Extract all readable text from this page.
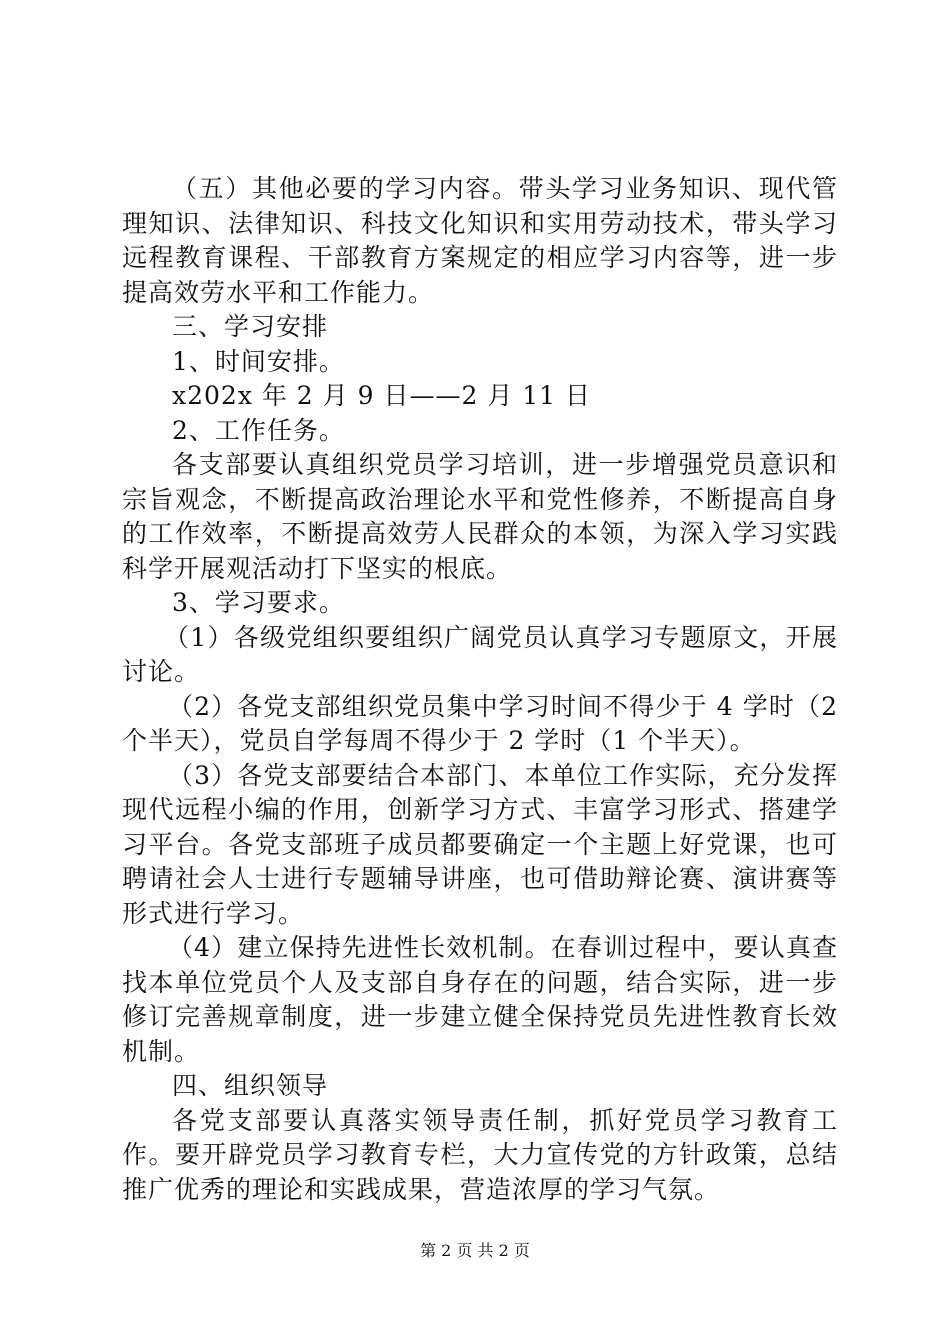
（五）其他必要的学习内容。带头学习业务知识、现代管理知识、法律知识、科技文化知识和实用劳动技术，带头学习远程教育课程、干部教育方案规定的相应学习内容等，进一步提高效劳水平和工作能力。

三、学习安排

1、时间安排。

x202x 年 2 月 9 日——2 月 11 日

2、工作任务。

各支部要认真组织党员学习培训，进一步增强党员意识和宗旨观念，不断提高政治理论水平和党性修养，不断提高自身的工作效率，不断提高效劳人民群众的本领，为深入学习实践科学开展观活动打下坚实的根底。

3、学习要求。

（1）各级党组织要组织广阔党员认真学习专题原文，开展讨论。

（2）各党支部组织党员集中学习时间不得少于 4 学时（2 个半天），党员自学每周不得少于 2 学时（1 个半天）。

（3）各党支部要结合本部门、本单位工作实际，充分发挥现代远程小编的作用，创新学习方式、丰富学习形式、搭建学习平台。各党支部班子成员都要确定一个主题上好党课，也可聘请社会人士进行专题辅导讲座，也可借助辩论赛、演讲赛等形式进行学习。

（4）建立保持先进性长效机制。在春训过程中，要认真查找本单位党员个人及支部自身存在的问题，结合实际，进一步修订完善规章制度，进一步建立健全保持党员先进性教育长效机制。

四、组织领导

各党支部要认真落实领导责任制，抓好党员学习教育工作。要开辟党员学习教育专栏，大力宣传党的方针政策，总结推广优秀的理论和实践成果，营造浓厚的学习气氛。

第 2 页 共 2 页
